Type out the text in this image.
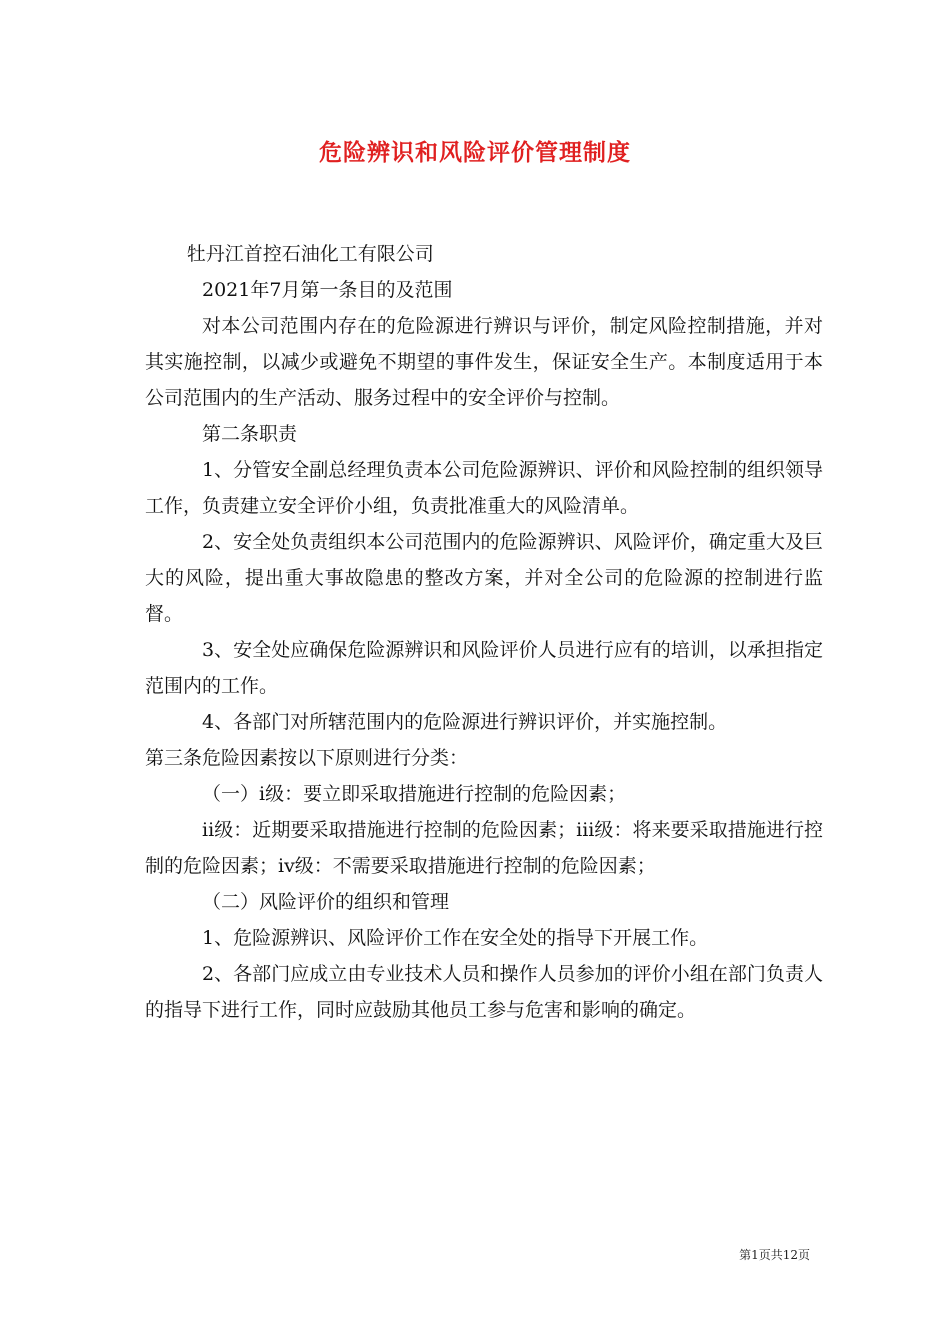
危险辨识和风险评价管理制度

牡丹江首控石油化工有限公司

2021年7月第一条目的及范围

对本公司范围内存在的危险源进行辨识与评价，制定风险控制措施，并对其实施控制，以减少或避免不期望的事件发生，保证安全生产。本制度适用于本公司范围内的生产活动、服务过程中的安全评价与控制。

第二条职责

1、分管安全副总经理负责本公司危险源辨识、评价和风险控制的组织领导工作，负责建立安全评价小组，负责批准重大的风险清单。

2、安全处负责组织本公司范围内的危险源辨识、风险评价，确定重大及巨大的风险，提出重大事故隐患的整改方案，并对全公司的危险源的控制进行监督。

3、安全处应确保危险源辨识和风险评价人员进行应有的培训，以承担指定范围内的工作。

4、各部门对所辖范围内的危险源进行辨识评价，并实施控制。

第三条危险因素按以下原则进行分类：

（一）i级：要立即采取措施进行控制的危险因素；

ii级：近期要采取措施进行控制的危险因素；iii级：将来要采取措施进行控制的危险因素；iv级：不需要采取措施进行控制的危险因素；

（二）风险评价的组织和管理

1、危险源辨识、风险评价工作在安全处的指导下开展工作。

2、各部门应成立由专业技术人员和操作人员参加的评价小组在部门负责人的指导下进行工作，同时应鼓励其他员工参与危害和影响的确定。

第1页共12页
